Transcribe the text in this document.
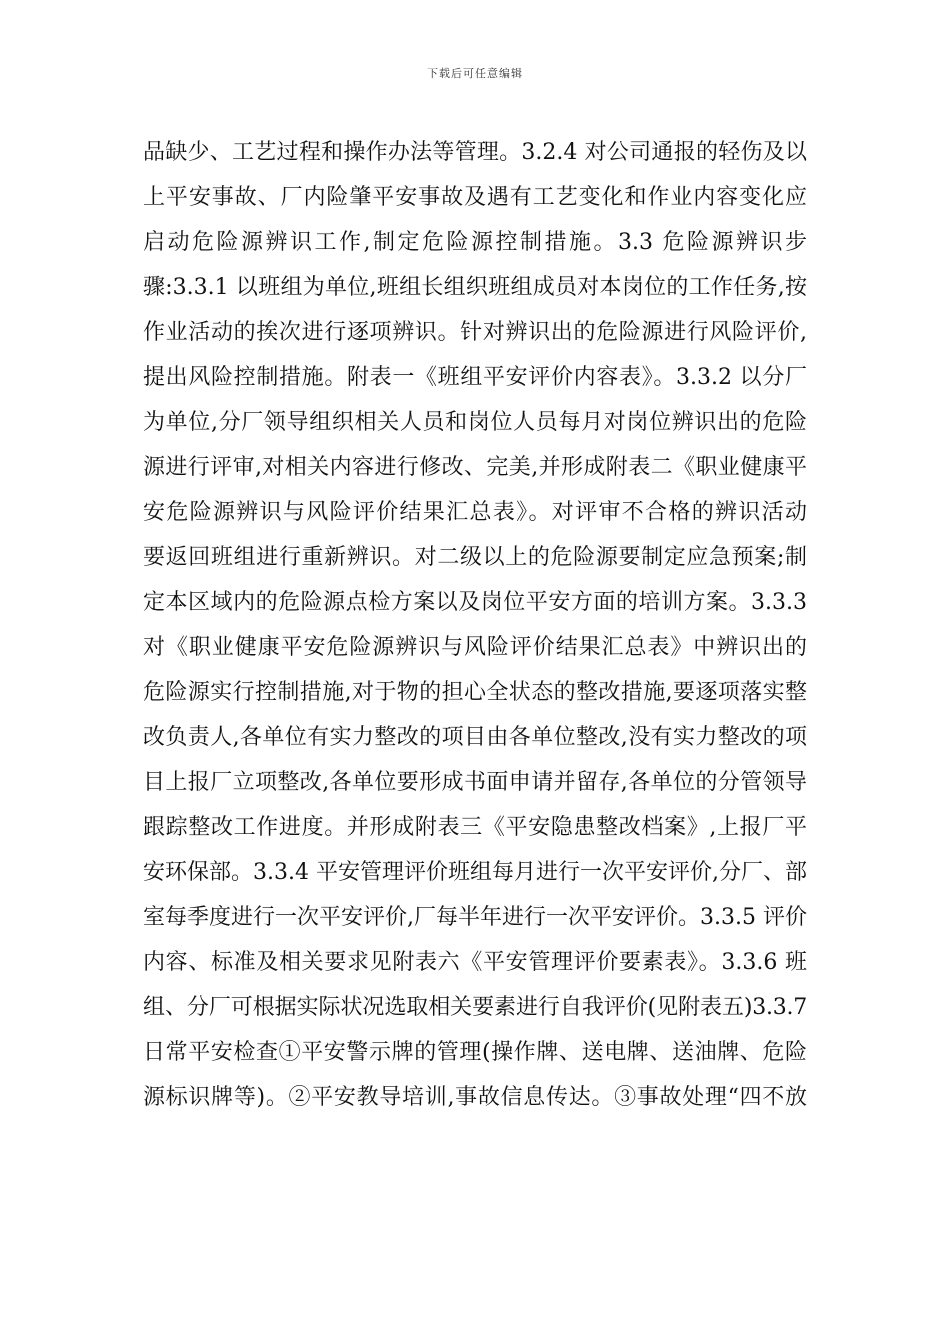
下载后可任意编辑
品缺少、工艺过程和操作办法等管理。3.2.4 对公司通报的轻伤及以
上平安事故、厂内险肇平安事故及遇有工艺变化和作业内容变化应
启动危险源辨识工作,制定危险源控制措施。3.3 危险源辨识步
骤:3.3.1 以班组为单位,班组长组织班组成员对本岗位的工作任务,按
作业活动的挨次进行逐项辨识。针对辨识出的危险源进行风险评价,
提出风险控制措施。附表一《班组平安评价内容表》。3.3.2 以分厂
为单位,分厂领导组织相关人员和岗位人员每月对岗位辨识出的危险
源进行评审,对相关内容进行修改、完美,并形成附表二《职业健康平
安危险源辨识与风险评价结果汇总表》。对评审不合格的辨识活动
要返回班组进行重新辨识。对二级以上的危险源要制定应急预案;制
定本区域内的危险源点检方案以及岗位平安方面的培训方案。3.3.3
对《职业健康平安危险源辨识与风险评价结果汇总表》中辨识出的
危险源实行控制措施,对于物的担心全状态的整改措施,要逐项落实整
改负责人,各单位有实力整改的项目由各单位整改,没有实力整改的项
目上报厂立项整改,各单位要形成书面申请并留存,各单位的分管领导
跟踪整改工作进度。并形成附表三《平安隐患整改档案》,上报厂平
安环保部。3.3.4 平安管理评价班组每月进行一次平安评价,分厂、部
室每季度进行一次平安评价,厂每半年进行一次平安评价。3.3.5 评价
内容、标准及相关要求见附表六《平安管理评价要素表》。3.3.6 班
组、分厂可根据实际状况选取相关要素进行自我评价(见附表五)3.3.7
日常平安检查①平安警示牌的管理(操作牌、送电牌、送油牌、危险
源标识牌等)。②平安教导培训,事故信息传达。③事故处理“四不放
